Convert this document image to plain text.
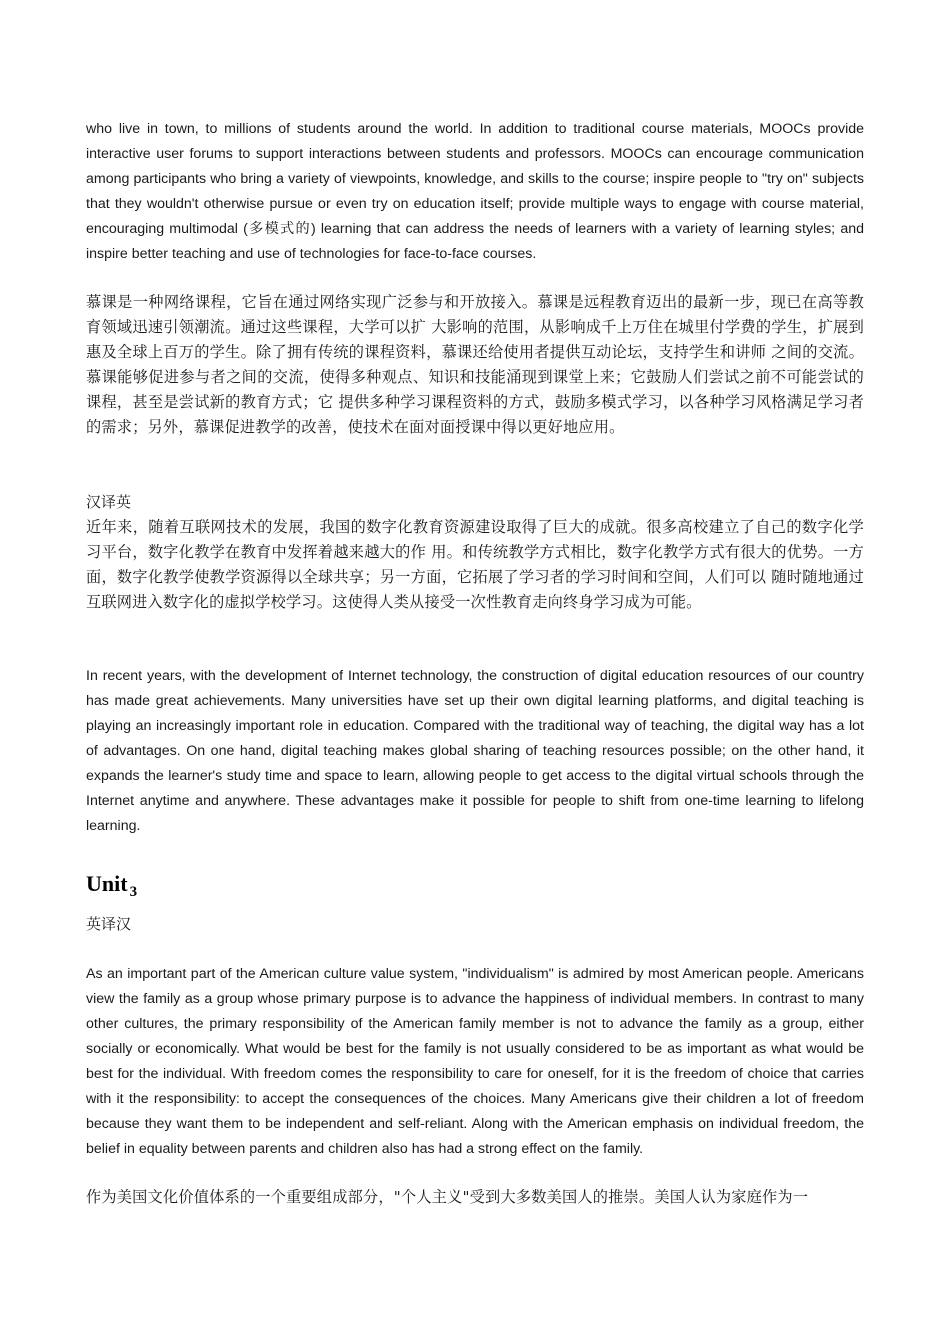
who live in town, to millions of students around the world. In addition to traditional course materials, MOOCs provide interactive user forums to support interactions between students and professors. MOOCs can encourage communication among participants who bring a variety of viewpoints, knowledge, and skills to the course; inspire people to "try on" subjects that they wouldn't otherwise pursue or even try on education itself; provide multiple ways to engage with course material, encouraging multimodal (多模式的) learning that can address the needs of learners with a variety of learning styles; and inspire better teaching and use of technologies for face-to-face courses.

慕课是一种网络课程，它旨在通过网络实现广泛参与和开放接入。慕课是远程教育迈出的最新一步，现已在高等教育领域迅速引领潮流。通过这些课程，大学可以扩 大影响的范围，从影响成千上万住在城里付学费的学生，扩展到惠及全球上百万的学生。除了拥有传统的课程资料，慕课还给使用者提供互动论坛，支持学生和讲师 之间的交流。慕课能够促进参与者之间的交流，使得多种观点、知识和技能涌现到课堂上来；它鼓励人们尝试之前不可能尝试的课程，甚至是尝试新的教育方式；它 提供多种学习课程资料的方式，鼓励多模式学习，以各种学习风格满足学习者的需求；另外，慕课促进教学的改善，使技术在面对面授课中得以更好地应用。

汉译英

近年来，随着互联网技术的发展，我国的数字化教育资源建设取得了巨大的成就。很多高校建立了自己的数字化学习平台，数字化教学在教育中发挥着越来越大的作 用。和传统教学方式相比，数字化教学方式有很大的优势。一方面，数字化教学使教学资源得以全球共享；另一方面，它拓展了学习者的学习时间和空间，人们可以 随时随地通过互联网进入数字化的虚拟学校学习。这使得人类从接受一次性教育走向终身学习成为可能。

In recent years, with the development of Internet technology, the construction of digital education resources of our country has made great achievements. Many universities have set up their own digital learning platforms, and digital teaching is playing an increasingly important role in education. Compared with the traditional way of teaching, the digital way has a lot of advantages. On one hand, digital teaching makes global sharing of teaching resources possible; on the other hand, it expands the learner's study time and space to learn, allowing people to get access to the digital virtual schools through the Internet anytime and anywhere. These advantages make it possible for people to shift from one-time learning to lifelong learning.

Unit $_3$

英译汉

As an important part of the American culture value system, "individualism" is admired by most American people. Americans view the family as a group whose primary purpose is to advance the happiness of individual members. In contrast to many other cultures, the primary responsibility of the American family member is not to advance the family as a group, either socially or economically. What would be best for the family is not usually considered to be as important as what would be best for the individual. With freedom comes the responsibility to care for oneself, for it is the freedom of choice that carries with it the responsibility: to accept the consequences of the choices. Many Americans give their children a lot of freedom because they want them to be independent and self-reliant. Along with the American emphasis on individual freedom, the belief in equality between parents and children also has had a strong effect on the family.

作为美国文化价值体系的一个重要组成部分，"个人主义"受到大多数美国人的推崇。美国人认为家庭作为一
